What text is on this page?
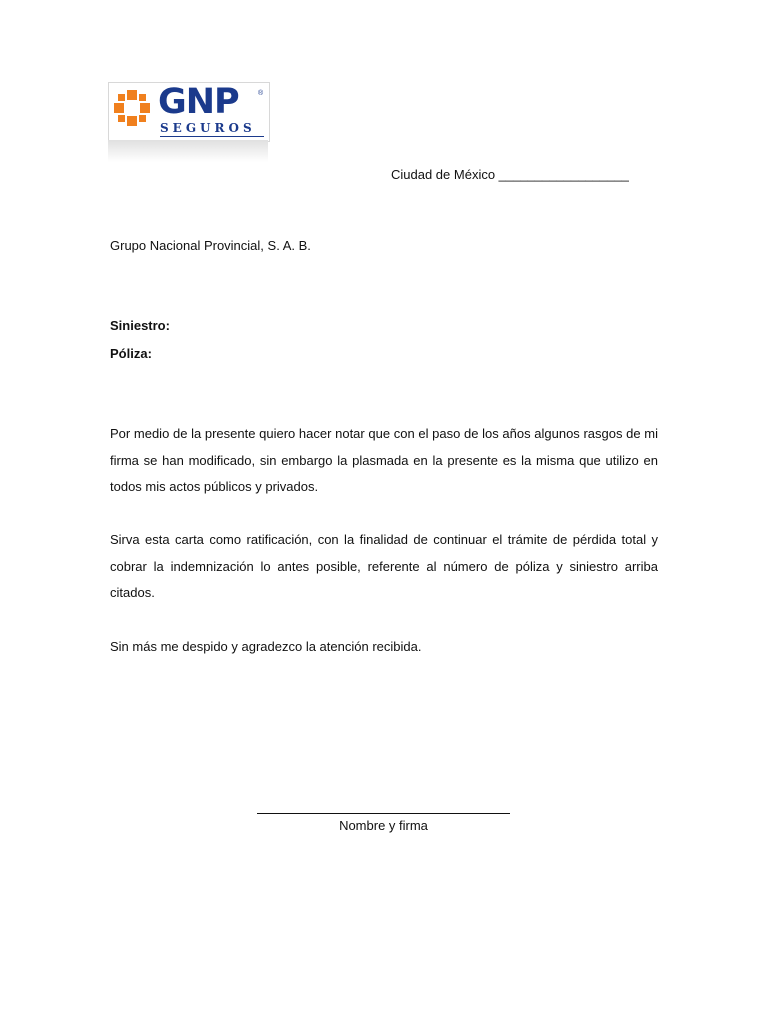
GNP	®
SEGUROS
Ciudad de México __________________
Grupo Nacional Provincial, S. A. B.
Siniestro:
Póliza:
Por medio de la presente quiero hacer notar que con el paso de los años algunos rasgos de mi firma se han modificado, sin embargo la plasmada en la presente es la misma que utilizo en todos mis actos públicos y privados.
Sirva esta carta como ratificación, con la finalidad de continuar el trámite de pérdida total y cobrar la indemnización lo antes posible, referente al número de póliza y siniestro arriba citados.
Sin más me despido y agradezco la atención recibida.
Nombre y firma
